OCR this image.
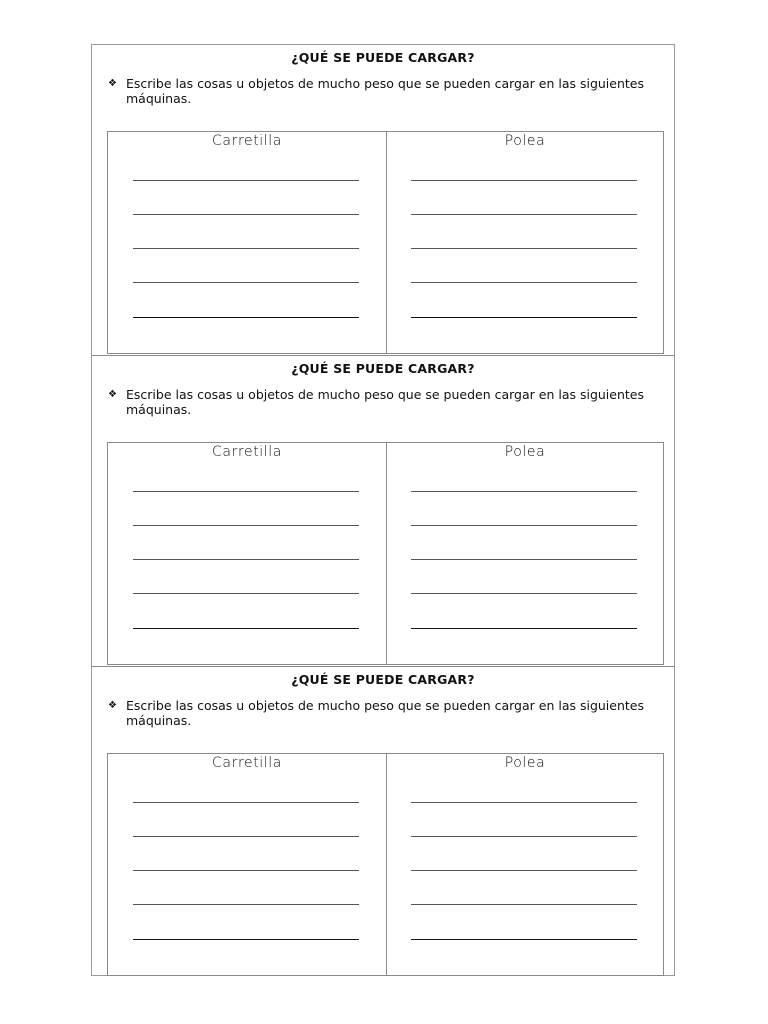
¿QUÉ SE PUEDE CARGAR?
❖ Escribe las cosas u objetos de mucho peso que se pueden cargar en las siguientes máquinas.
Carretilla	Polea
¿QUÉ SE PUEDE CARGAR?
❖ Escribe las cosas u objetos de mucho peso que se pueden cargar en las siguientes máquinas.
Carretilla	Polea
¿QUÉ SE PUEDE CARGAR?
❖ Escribe las cosas u objetos de mucho peso que se pueden cargar en las siguientes máquinas.
Carretilla	Polea
